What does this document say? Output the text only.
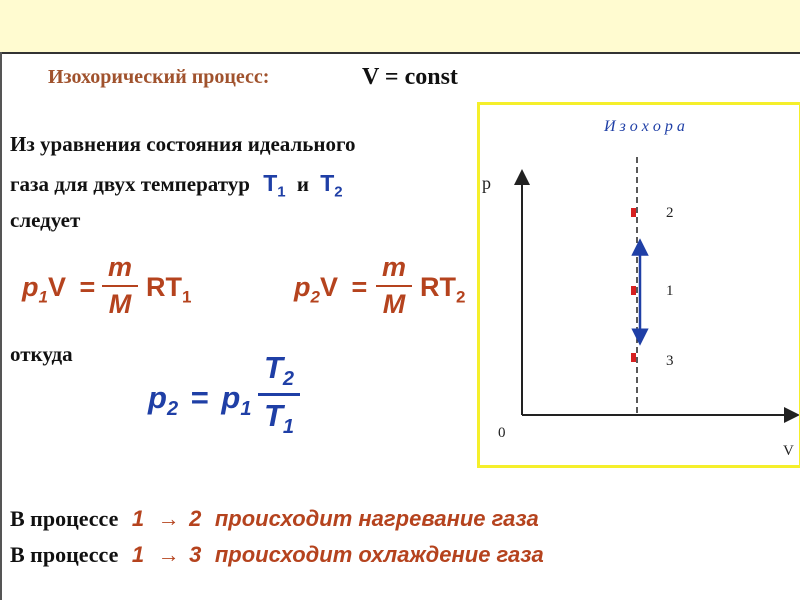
Изохорический процесс:	V = const
Из уравнения состояния идеального
газа для двух температур $T_1$ и $T_2$
следует
$p_1V$ =
m
M
$RT_1$	$p_2V$ =
m
M
$RT_2$
откуда
$p_2 = p_1$
$T_2$
$T_1$
В процессе 1 → 2 происходит нагревание газа
В процессе 1 → 3 происходит охлаждение газа
И з о х о р а
p
V
0
2
1
3
